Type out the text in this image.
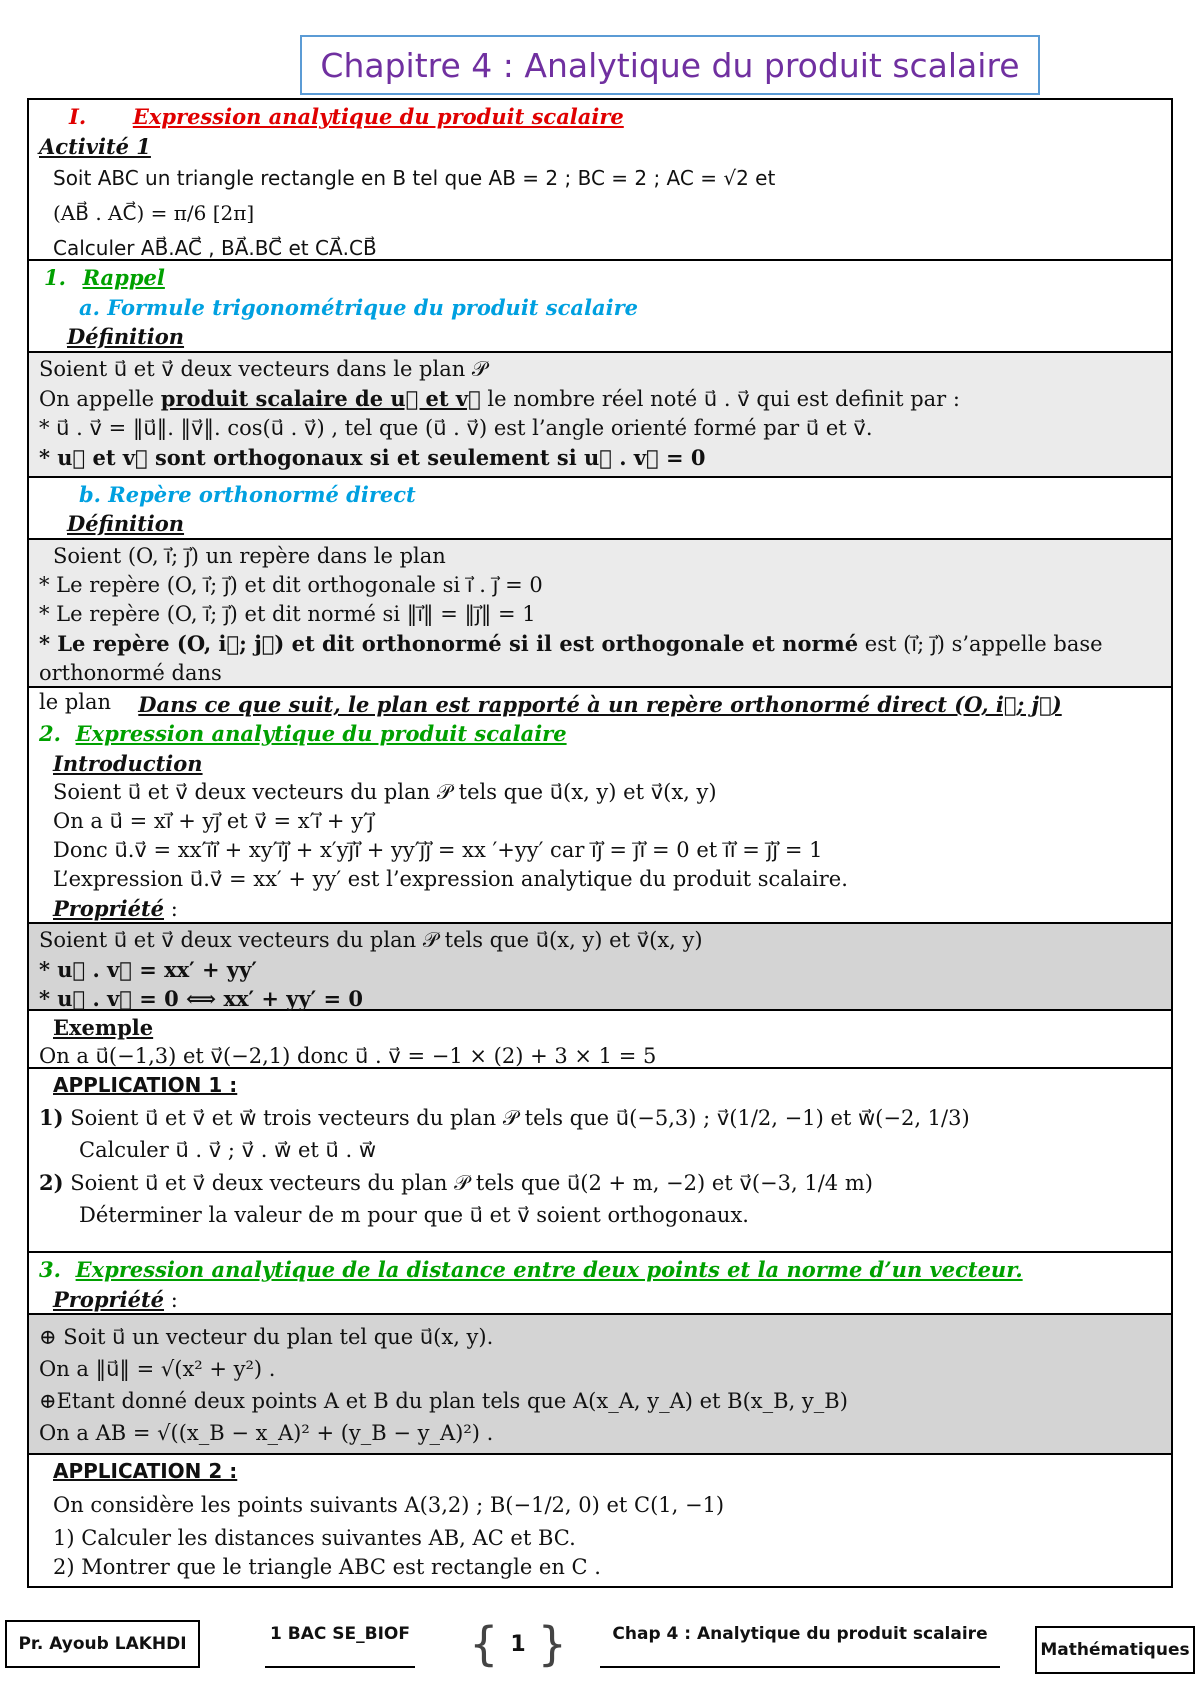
Chapitre 4 : Analytique du produit scalaire
I. Expression analytique du produit scalaire
Activité 1
Soit ABC un triangle rectangle en B tel que AB = 2 ; BC = 2 ; AC = √2 et
(AB⃗ . AC⃗) = π/6 [2π]
Calculer AB⃗.AC⃗ , BA⃗.BC⃗ et CA⃗.CB⃗
1. Rappel
a. Formule trigonométrique du produit scalaire
Définition
Soient u⃗ et v⃗ deux vecteurs dans le plan 𝒫
On appelle produit scalaire de u⃗ et v⃗ le nombre réel noté u⃗ . v⃗ qui est definit par :
* u⃗ . v⃗ = ‖u⃗‖. ‖v⃗‖. cos(u⃗ . v⃗) , tel que (u⃗ . v⃗) est l’angle orienté formé par u⃗ et v⃗.
* u⃗ et v⃗ sont orthogonaux si et seulement si u⃗ . v⃗ = 0
b. Repère orthonormé direct
Définition
Soient (O, i⃗; j⃗) un repère dans le plan
* Le repère (O, i⃗; j⃗) et dit orthogonale si i⃗ . j⃗ = 0
* Le repère (O, i⃗; j⃗) et dit normé si ‖i⃗‖ = ‖j⃗‖ = 1
* Le repère (O, i⃗; j⃗) et dit orthonormé si il est orthogonale et normé est (i⃗; j⃗) s’appelle base orthonormé dans
le plan	Dans ce que suit, le plan est rapporté à un repère orthonormé direct (O, i⃗; j⃗)
2. Expression analytique du produit scalaire
Introduction
Soient u⃗ et v⃗ deux vecteurs du plan 𝒫 tels que u⃗(x, y) et v⃗(x, y)
On a u⃗ = xi⃗ + yj⃗ et v⃗ = x′i⃗ + y′j⃗
Donc u⃗.v⃗ = xx′i⃗i⃗ + xy′i⃗j⃗ + x′yj⃗i⃗ + yy′j⃗j⃗ = xx ′+yy′ car i⃗j⃗ = j⃗i⃗ = 0 et i⃗i⃗ = j⃗j⃗ = 1
L’expression u⃗.v⃗ = xx′ + yy′ est l’expression analytique du produit scalaire.
Propriété :
Soient u⃗ et v⃗ deux vecteurs du plan 𝒫 tels que u⃗(x, y) et v⃗(x, y)
* u⃗ . v⃗ = xx′ + yy′
* u⃗ . v⃗ = 0 ⟺ xx′ + yy′ = 0
Exemple
On a u⃗(−1,3) et v⃗(−2,1) donc u⃗ . v⃗ = −1 × (2) + 3 × 1 = 5
APPLICATION 1 :
1) Soient u⃗ et v⃗ et w⃗ trois vecteurs du plan 𝒫 tels que u⃗(−5,3) ; v⃗(1/2, −1) et w⃗(−2, 1/3)
Calculer u⃗ . v⃗ ; v⃗ . w⃗ et u⃗ . w⃗
2) Soient u⃗ et v⃗ deux vecteurs du plan 𝒫 tels que u⃗(2 + m, −2) et v⃗(−3, 1/4 m)
Déterminer la valeur de m pour que u⃗ et v⃗ soient orthogonaux.
3. Expression analytique de la distance entre deux points et la norme d’un vecteur.
Propriété :
⊕ Soit u⃗ un vecteur du plan tel que u⃗(x, y).
On a ‖u⃗‖ = √(x² + y²) .
⊕Etant donné deux points A et B du plan tels que A(x_A, y_A) et B(x_B, y_B)
On a AB = √((x_B − x_A)² + (y_B − y_A)²) .
APPLICATION 2 :
On considère les points suivants A(3,2) ; B(−1/2, 0) et C(1, −1)
1) Calculer les distances suivantes AB, AC et BC.
2) Montrer que le triangle ABC est rectangle en C .
Pr. Ayoub LAKHDI	1 BAC SE_BIOF { 1 }	Chap 4 : Analytique du produit scalaire
Mathématiques
